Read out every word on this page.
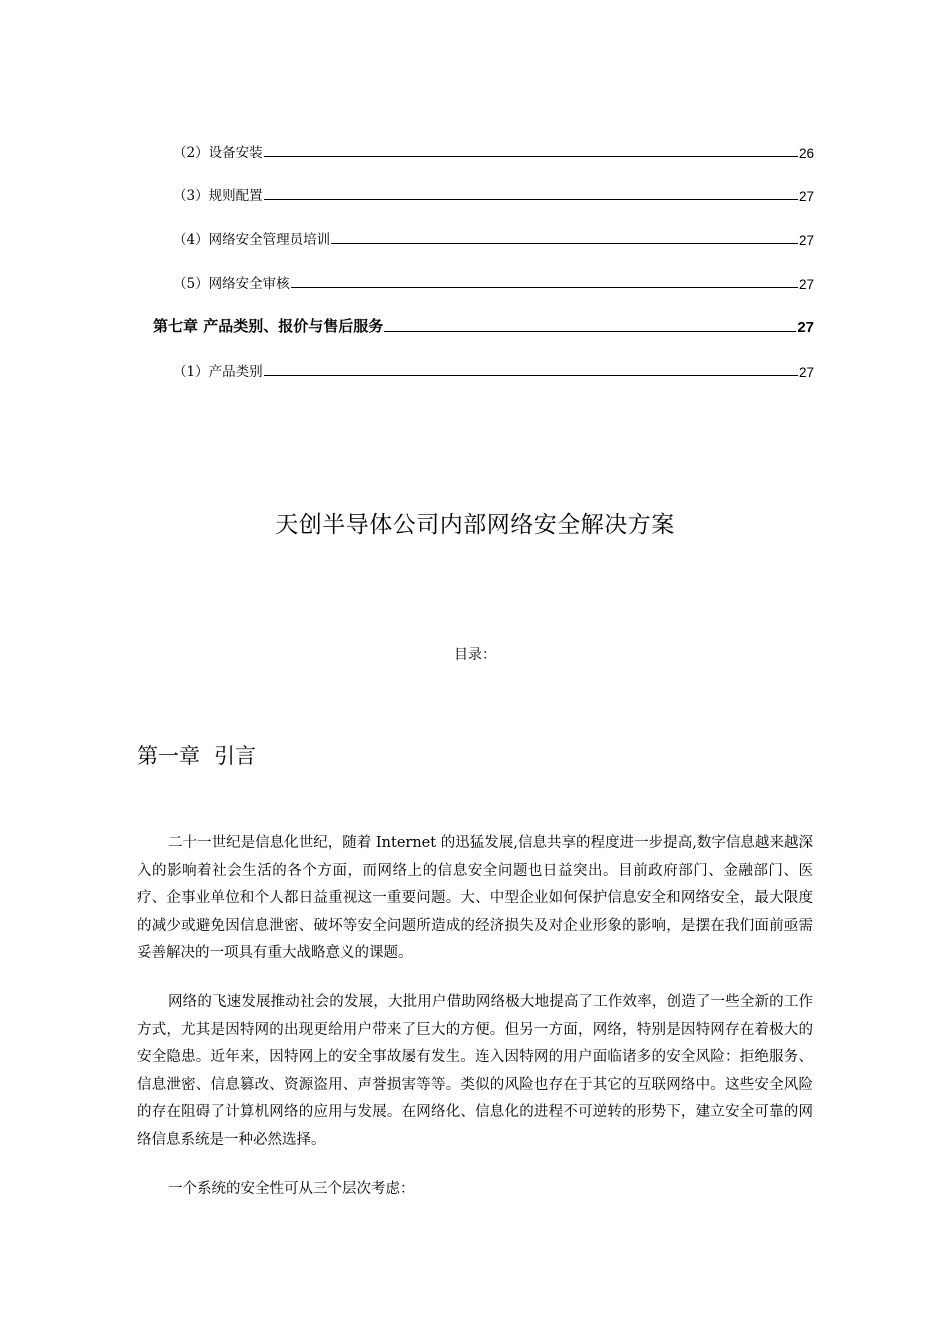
（2）设备安装	26
（3）规则配置	27
（4）网络安全管理员培训	27
（5）网络安全审核	27
第七章 产品类别、报价与售后服务	27
（1）产品类别	27
天创半导体公司内部网络安全解决方案
目录：
第一章 引言

二十一世纪是信息化世纪，随着 Internet 的迅猛发展,信息共享的程度进一步提高,数字信息越来越深入的影响着社会生活的各个方面，而网络上的信息安全问题也日益突出。目前政府部门、金融部门、医疗、企事业单位和个人都日益重视这一重要问题。大、中型企业如何保护信息安全和网络安全，最大限度的减少或避免因信息泄密、破坏等安全问题所造成的经济损失及对企业形象的影响，是摆在我们面前亟需妥善解决的一项具有重大战略意义的课题。

网络的飞速发展推动社会的发展，大批用户借助网络极大地提高了工作效率，创造了一些全新的工作方式，尤其是因特网的出现更给用户带来了巨大的方便。但另一方面，网络，特别是因特网存在着极大的安全隐患。近年来，因特网上的安全事故屡有发生。连入因特网的用户面临诸多的安全风险：拒绝服务、信息泄密、信息篡改、资源盗用、声誉损害等等。类似的风险也存在于其它的互联网络中。这些安全风险的存在阻碍了计算机网络的应用与发展。在网络化、信息化的进程不可逆转的形势下，建立安全可靠的网络信息系统是一种必然选择。

一个系统的安全性可从三个层次考虑：
